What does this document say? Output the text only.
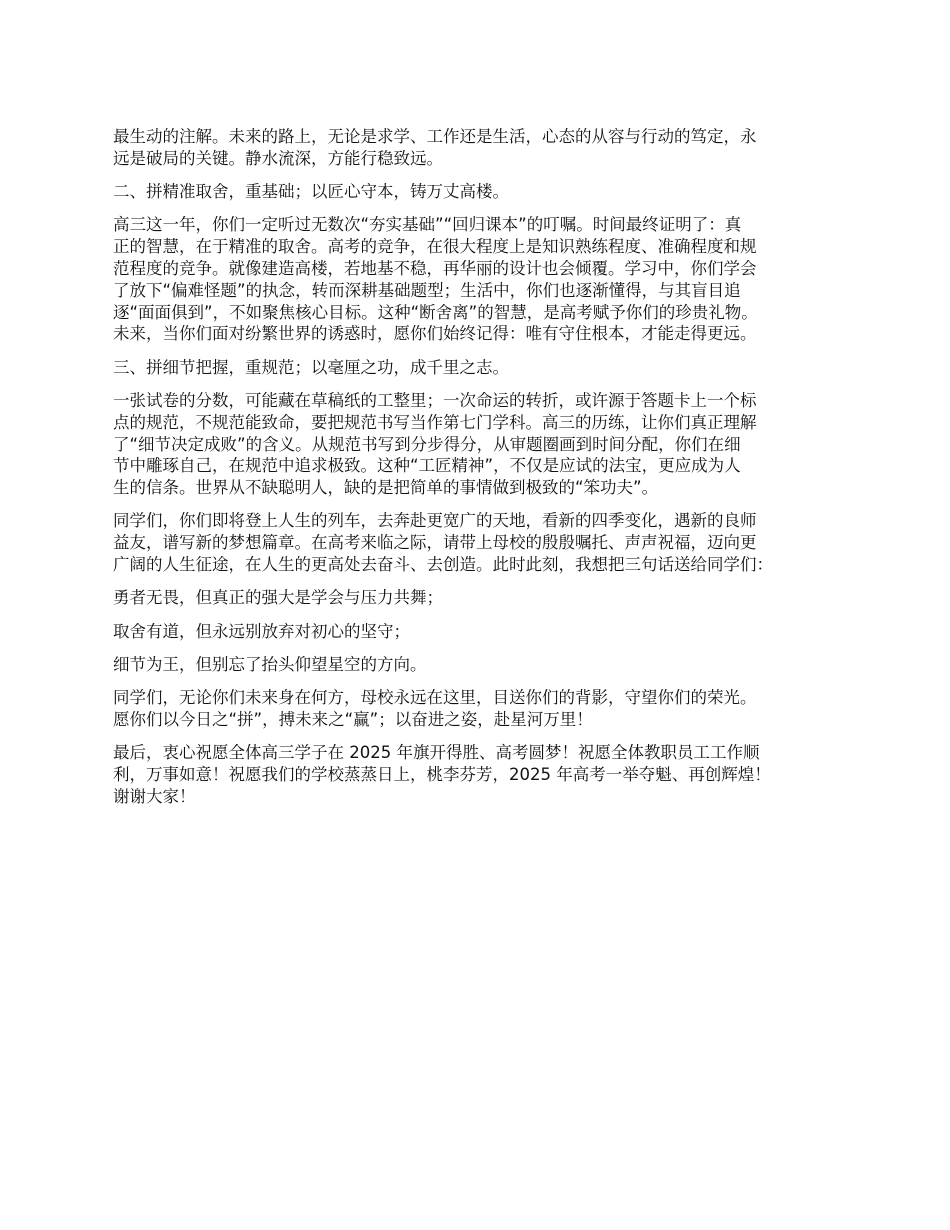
最生动的注解。未来的路上，无论是求学、工作还是生活，心态的从容与行动的笃定，永
远是破局的关键。静水流深，方能行稳致远。

二、拼精准取舍，重基础；以匠心守本，铸万丈高楼。

高三这一年，你们一定听过无数次“夯实基础”“回归课本”的叮嘱。时间最终证明了：真
正的智慧，在于精准的取舍。高考的竞争，在很大程度上是知识熟练程度、准确程度和规
范程度的竞争。就像建造高楼，若地基不稳，再华丽的设计也会倾覆。学习中，你们学会
了放下“偏难怪题”的执念，转而深耕基础题型；生活中，你们也逐渐懂得，与其盲目追
逐“面面俱到”，不如聚焦核心目标。这种“断舍离”的智慧，是高考赋予你们的珍贵礼物。
未来，当你们面对纷繁世界的诱惑时，愿你们始终记得：唯有守住根本，才能走得更远。

三、拼细节把握，重规范；以毫厘之功，成千里之志。

一张试卷的分数，可能藏在草稿纸的工整里；一次命运的转折，或许源于答题卡上一个标
点的规范，不规范能致命，要把规范书写当作第七门学科。高三的历练，让你们真正理解
了“细节决定成败”的含义。从规范书写到分步得分，从审题圈画到时间分配，你们在细
节中雕琢自己，在规范中追求极致。这种“工匠精神”，不仅是应试的法宝，更应成为人
生的信条。世界从不缺聪明人，缺的是把简单的事情做到极致的“笨功夫”。

同学们，你们即将登上人生的列车，去奔赴更宽广的天地，看新的四季变化，遇新的良师
益友，谱写新的梦想篇章。在高考来临之际，请带上母校的殷殷嘱托、声声祝福，迈向更
广阔的人生征途，在人生的更高处去奋斗、去创造。此时此刻，我想把三句话送给同学们：

勇者无畏，但真正的强大是学会与压力共舞；

取舍有道，但永远别放弃对初心的坚守；

细节为王，但别忘了抬头仰望星空的方向。

同学们，无论你们未来身在何方，母校永远在这里，目送你们的背影，守望你们的荣光。
愿你们以今日之“拼”，搏未来之“赢”；以奋进之姿，赴星河万里！

最后，衷心祝愿全体高三学子在 2025 年旗开得胜、高考圆梦！祝愿全体教职员工工作顺
利，万事如意！祝愿我们的学校蒸蒸日上，桃李芬芳，2025 年高考一举夺魁、再创辉煌！
谢谢大家！
